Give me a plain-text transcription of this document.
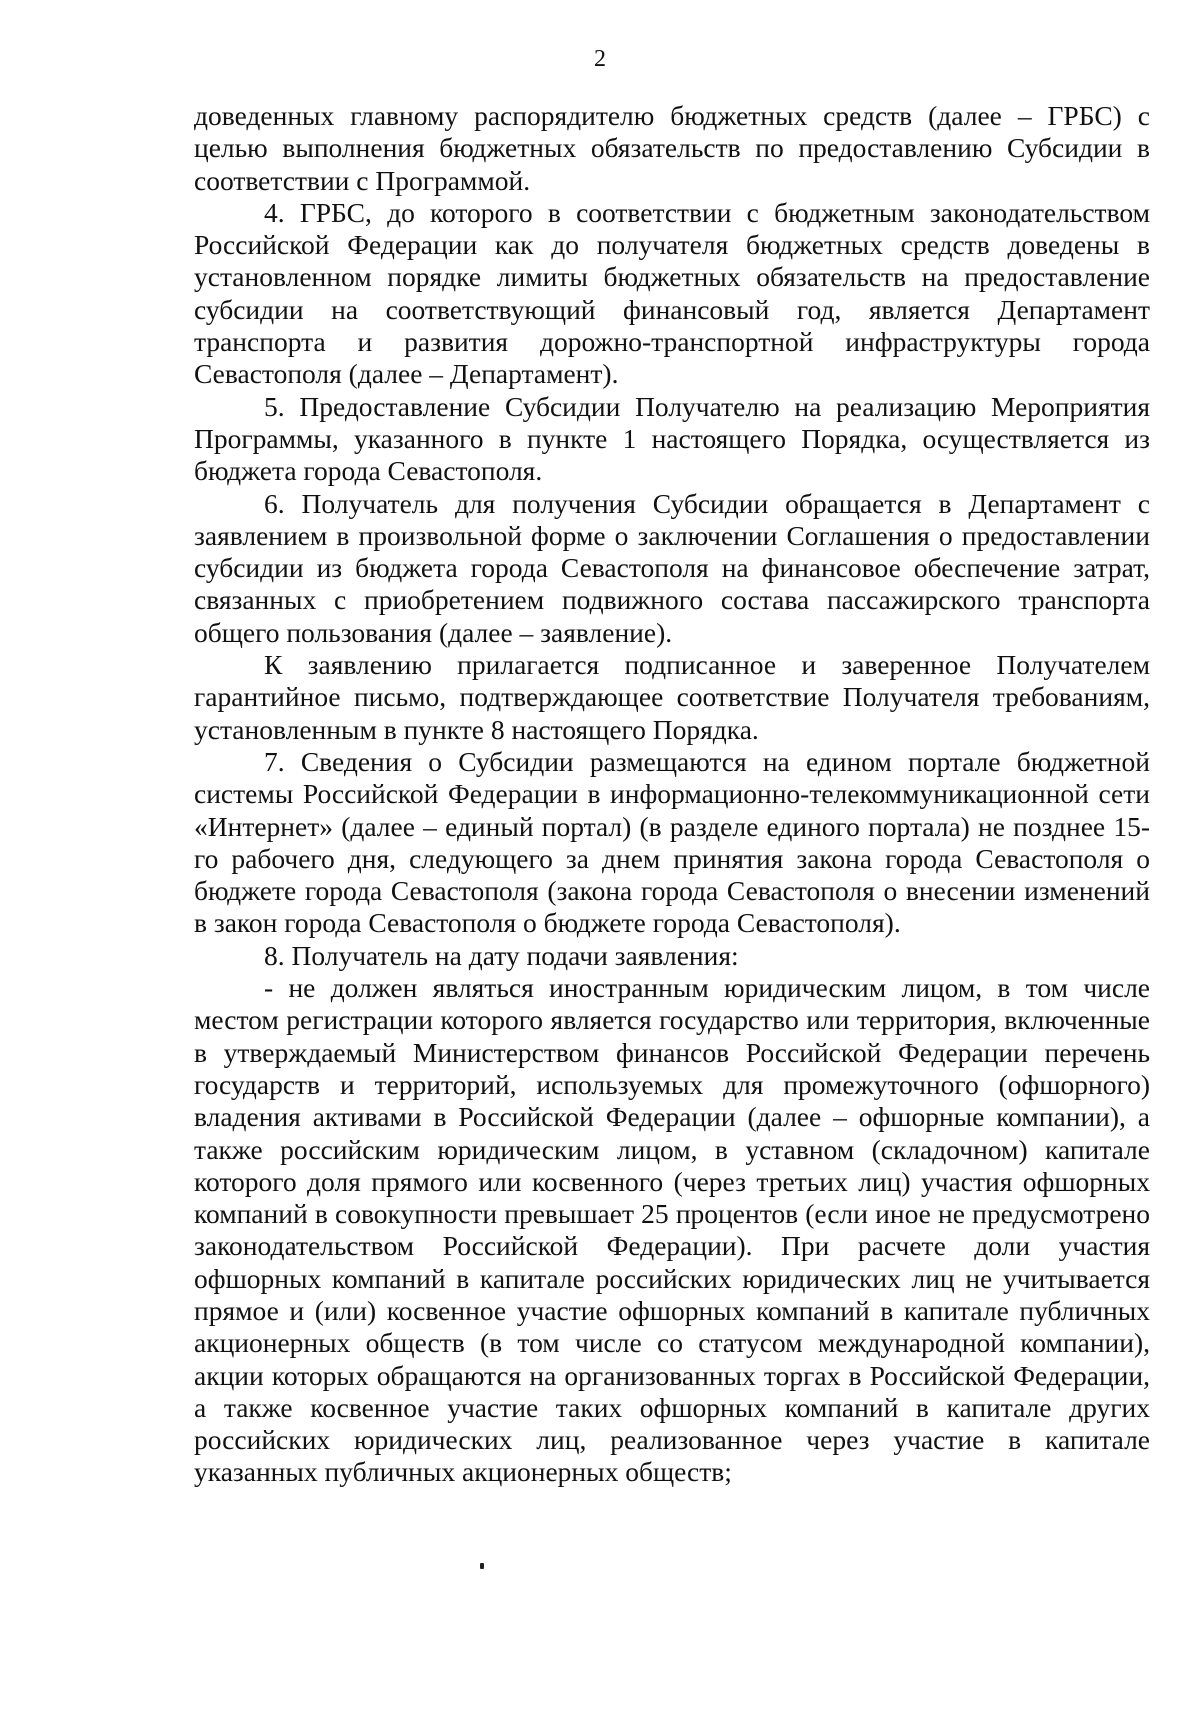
2

доведенных главному распорядителю бюджетных средств (далее – ГРБС) с целью выполнения бюджетных обязательств по предоставлению Субсидии в соответствии с Программой.

4. ГРБС, до которого в соответствии с бюджетным законодательством Российской Федерации как до получателя бюджетных средств доведены в установленном порядке лимиты бюджетных обязательств на предоставление субсидии на соответствующий финансовый год, является Департамент транспорта и развития дорожно-транспортной инфраструктуры города Севастополя (далее – Департамент).

5. Предоставление Субсидии Получателю на реализацию Мероприятия Программы, указанного в пункте 1 настоящего Порядка, осуществляется из бюджета города Севастополя.

6. Получатель для получения Субсидии обращается в Департамент с заявлением в произвольной форме о заключении Соглашения о предоставлении субсидии из бюджета города Севастополя на финансовое обеспечение затрат, связанных с приобретением подвижного состава пассажирского транспорта общего пользования (далее – заявление).

К заявлению прилагается подписанное и заверенное Получателем гарантийное письмо, подтверждающее соответствие Получателя требованиям, установленным в пункте 8 настоящего Порядка.

7. Сведения о Субсидии размещаются на едином портале бюджетной системы Российской Федерации в информационно-телекоммуникационной сети «Интернет» (далее – единый портал) (в разделе единого портала) не позднее 15-го рабочего дня, следующего за днем принятия закона города Севастополя о бюджете города Севастополя (закона города Севастополя о внесении изменений в закон города Севастополя о бюджете города Севастополя).

8. Получатель на дату подачи заявления:

- не должен являться иностранным юридическим лицом, в том числе местом регистрации которого является государство или территория, включенные в утверждаемый Министерством финансов Российской Федерации перечень государств и территорий, используемых для промежуточного (офшорного) владения активами в Российской Федерации (далее – офшорные компании), а также российским юридическим лицом, в уставном (складочном) капитале которого доля прямого или косвенного (через третьих лиц) участия офшорных компаний в совокупности превышает 25 процентов (если иное не предусмотрено законодательством Российской Федерации). При расчете доли участия офшорных компаний в капитале российских юридических лиц не учитывается прямое и (или) косвенное участие офшорных компаний в капитале публичных акционерных обществ (в том числе со статусом международной компании), акции которых обращаются на организованных торгах в Российской Федерации, а также косвенное участие таких офшорных компаний в капитале других российских юридических лиц, реализованное через участие в капитале указанных публичных акционерных обществ;
